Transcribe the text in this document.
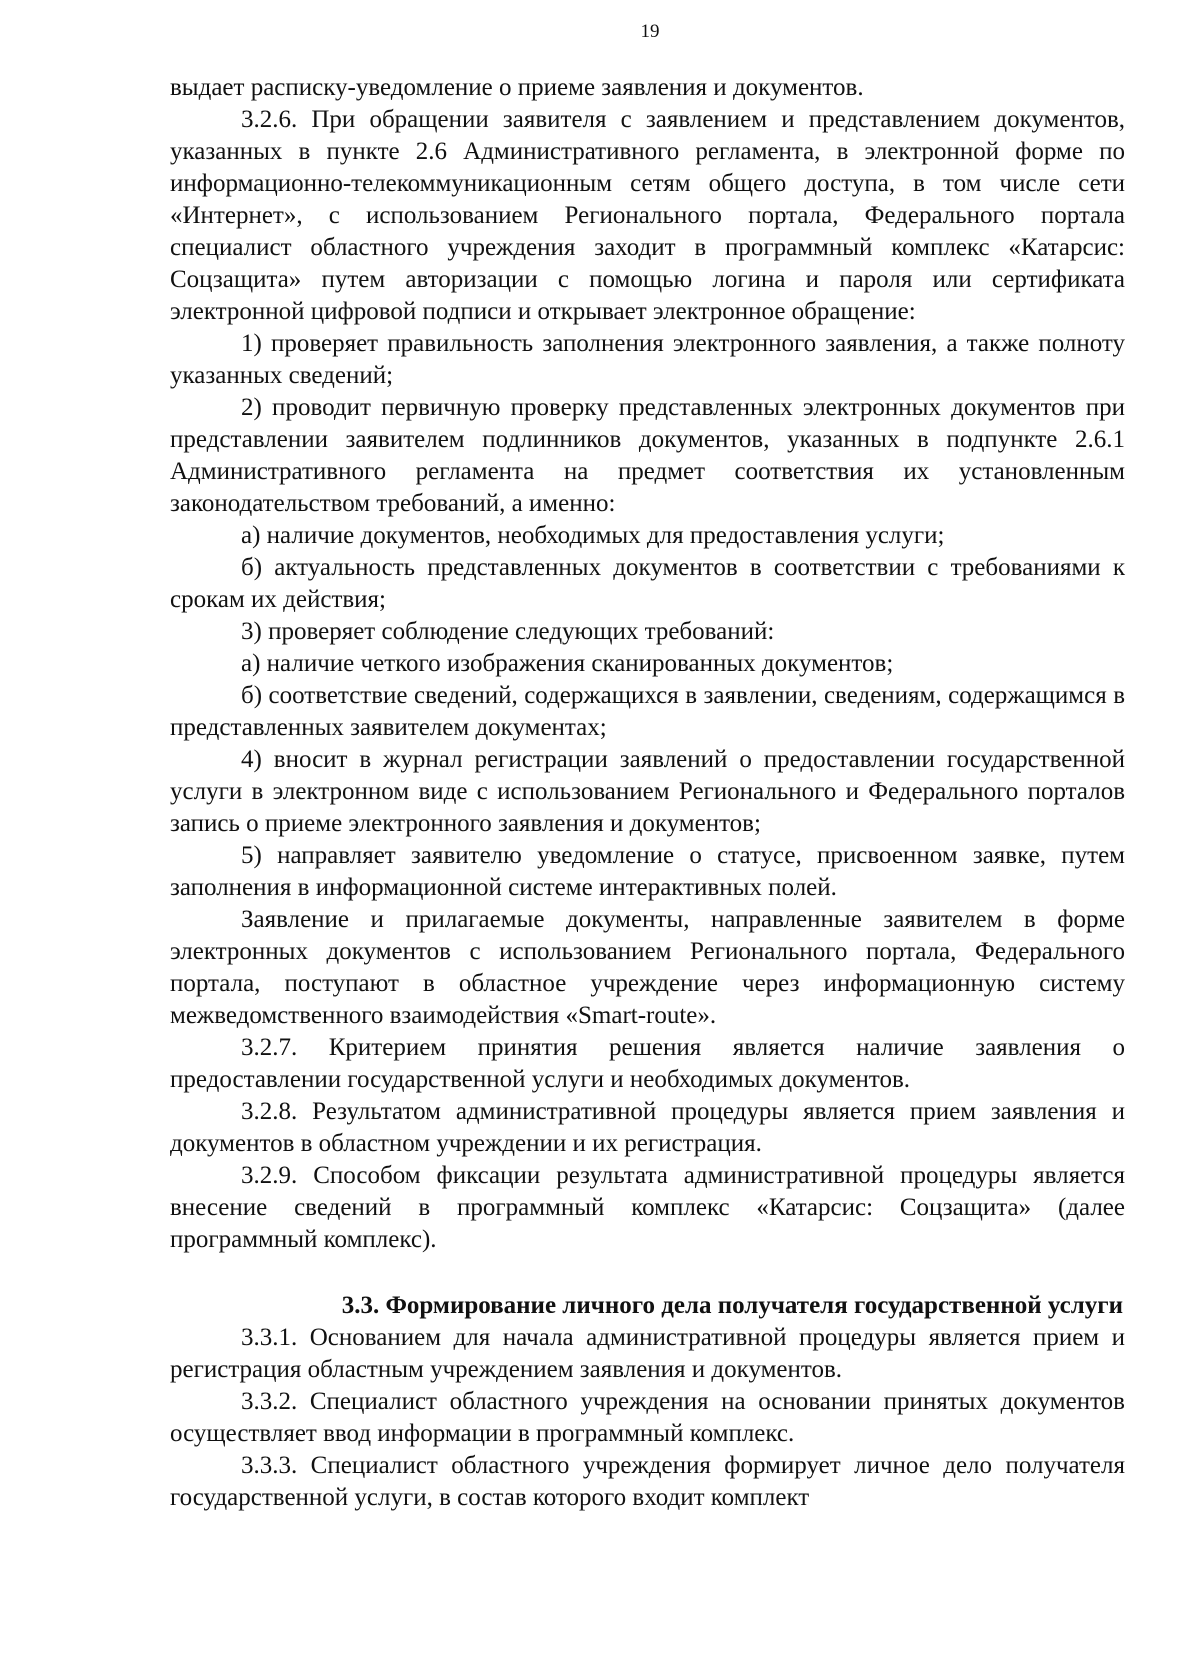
19

выдает расписку-уведомление о приеме заявления и документов.

3.2.6. При обращении заявителя с заявлением и представлением документов, указанных в пункте 2.6 Административного регламента, в электронной форме по информационно-телекоммуникационным сетям общего доступа, в том числе сети «Интернет», с использованием Регионального портала, Федерального портала специалист областного учреждения заходит в программный комплекс «Катарсис: Соцзащита» путем авторизации с помощью логина и пароля или сертификата электронной цифровой подписи и открывает электронное обращение:

1) проверяет правильность заполнения электронного заявления, а также полноту указанных сведений;

2) проводит первичную проверку представленных электронных документов при представлении заявителем подлинников документов, указанных в подпункте 2.6.1 Административного регламента на предмет соответствия их установленным законодательством требований, а именно:

а) наличие документов, необходимых для предоставления услуги;

б) актуальность представленных документов в соответствии с требованиями к срокам их действия;

3) проверяет соблюдение следующих требований:

а) наличие четкого изображения сканированных документов;

б) соответствие сведений, содержащихся в заявлении, сведениям, содержащимся в представленных заявителем документах;

4) вносит в журнал регистрации заявлений о предоставлении государственной услуги в электронном виде с использованием Регионального и Федерального порталов запись о приеме электронного заявления и документов;

5) направляет заявителю уведомление о статусе, присвоенном заявке, путем заполнения в информационной системе интерактивных полей.

Заявление и прилагаемые документы, направленные заявителем в форме электронных документов с использованием Регионального портала, Федерального портала, поступают в областное учреждение через информационную систему межведомственного взаимодействия «Smart-route».

3.2.7. Критерием принятия решения является наличие заявления о предоставлении государственной услуги и необходимых документов.

3.2.8. Результатом административной процедуры является прием заявления и документов в областном учреждении и их регистрация.

3.2.9. Способом фиксации результата административной процедуры является внесение сведений в программный комплекс «Катарсис: Соцзащита» (далее программный комплекс).

3.3. Формирование личного дела получателя государственной услуги

3.3.1. Основанием для начала административной процедуры является прием и регистрация областным учреждением заявления и документов.

3.3.2. Специалист областного учреждения на основании принятых документов осуществляет ввод информации в программный комплекс.

3.3.3. Специалист областного учреждения формирует личное дело получателя государственной услуги, в состав которого входит комплект
